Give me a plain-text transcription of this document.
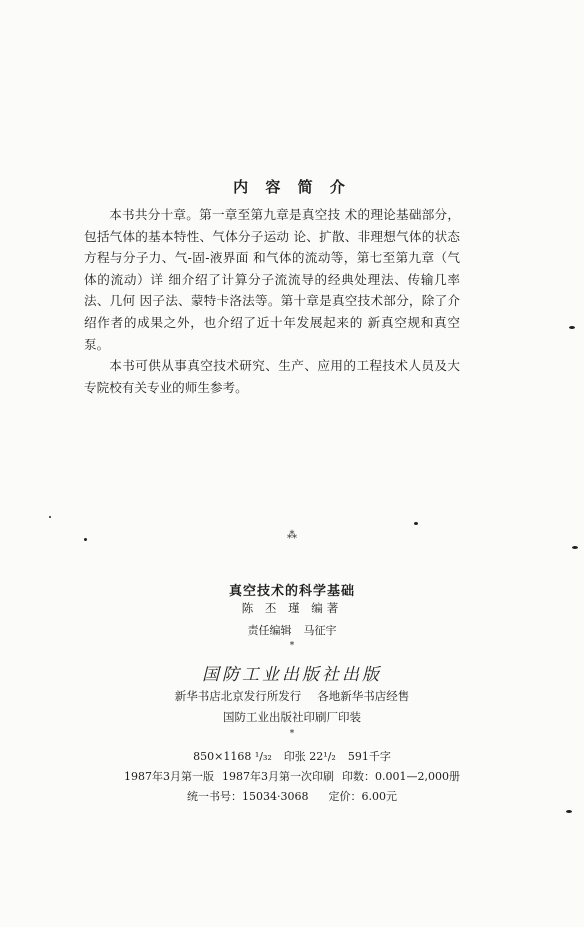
内 容 简 介

本书共分十章。第一章至第九章是真空技 术的理论基础部分，包括气体的基本特性、气体分子运动 论、扩散、非理想气体的状态方程与分子力、气-固-液界面 和气体的流动等，第七至第九章（气体的流动）详 细介绍了计算分子流流导的经典处理法、传输几率法、几何 因子法、蒙特卡洛法等。第十章是真空技术部分，除了介绍作者的成果之外，也介绍了近十年发展起来的 新真空规和真空泵。

本书可供从事真空技术研究、生产、应用的工程技术人员及大专院校有关专业的师生参考。

⁂
真空技术的科学基础
陈 丕 瑾 编著
责任编辑 马征宇
*
国防工业出版社出版
新华书店北京发行所发行 各地新华书店经售
国防工业出版社印刷厂印装
*
850×1168 ¹/₃₂ 印张 22¹/₂ 591千字
1987年3月第一版 1987年3月第一次印刷 印数：0.001—2,000册
统一书号：15034·3068 定价：6.00元
